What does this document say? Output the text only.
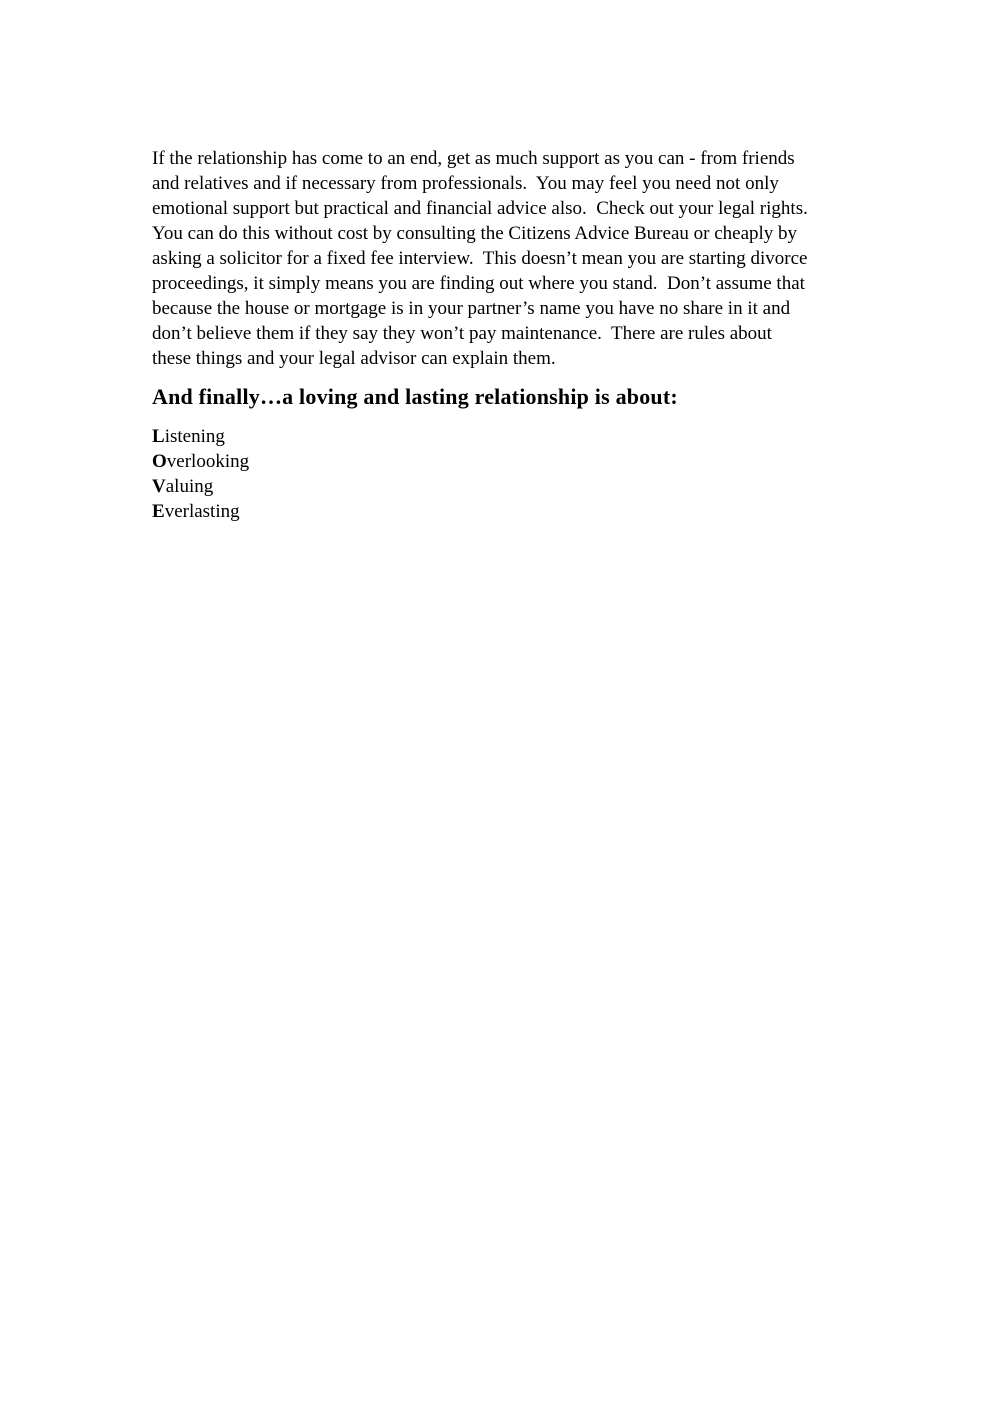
If the relationship has come to an end, get as much support as you can - from friends
and relatives and if necessary from professionals.  You may feel you need not only
emotional support but practical and financial advice also.  Check out your legal rights.
You can do this without cost by consulting the Citizens Advice Bureau or cheaply by
asking a solicitor for a fixed fee interview.  This doesn’t mean you are starting divorce
proceedings, it simply means you are finding out where you stand.  Don’t assume that
because the house or mortgage is in your partner’s name you have no share in it and
don’t believe them if they say they won’t pay maintenance.  There are rules about
these things and your legal advisor can explain them.
And finally…a loving and lasting relationship is about:
Listening
Overlooking
Valuing
Everlasting
